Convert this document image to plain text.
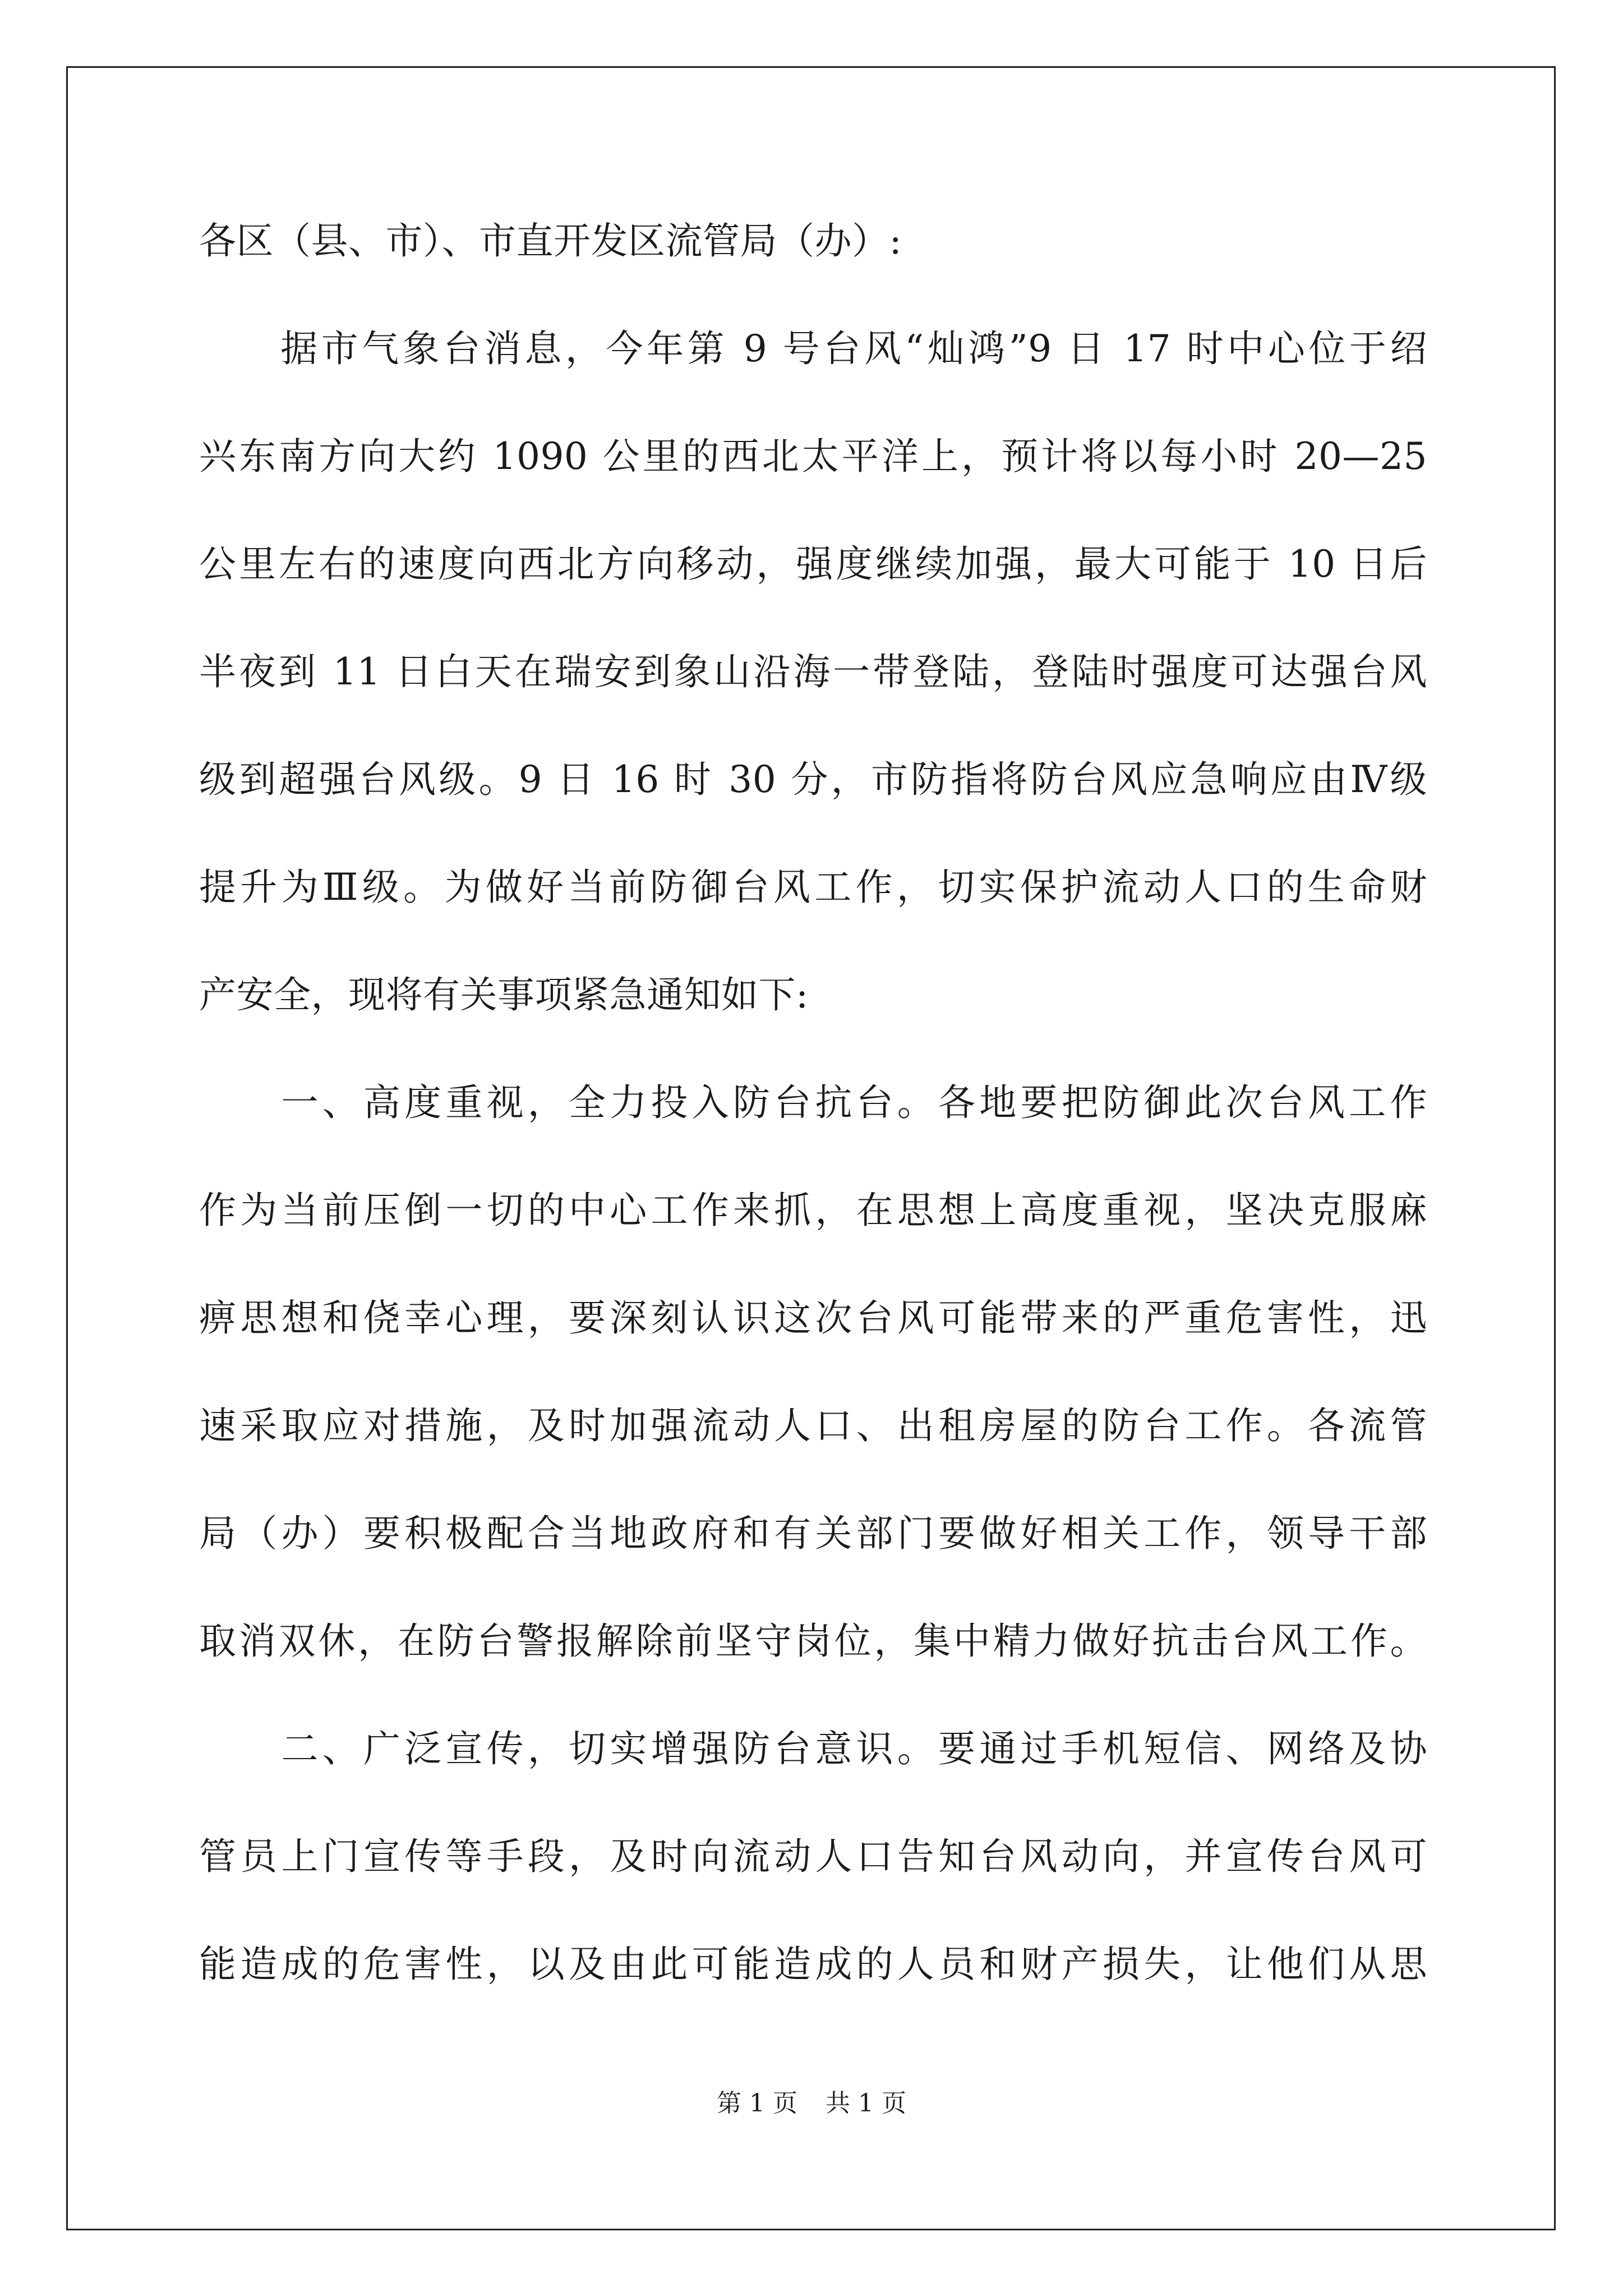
各区（县、市）、市直开发区流管局（办）:
　　据市气象台消息，今年第 9 号台风“灿鸿”9 日 17 时中心位于绍
兴东南方向大约 1090 公里的西北太平洋上，预计将以每小时 20—25
公里左右的速度向西北方向移动，强度继续加强，最大可能于 10 日后
半夜到 11 日白天在瑞安到象山沿海一带登陆，登陆时强度可达强台风
级到超强台风级。9 日 16 时 30 分，市防指将防台风应急响应由Ⅳ级
提升为Ⅲ级。为做好当前防御台风工作，切实保护流动人口的生命财
产安全，现将有关事项紧急通知如下:
　　一、高度重视，全力投入防台抗台。各地要把防御此次台风工作
作为当前压倒一切的中心工作来抓，在思想上高度重视，坚决克服麻
痹思想和侥幸心理，要深刻认识这次台风可能带来的严重危害性，迅
速采取应对措施，及时加强流动人口、出租房屋的防台工作。各流管
局（办）要积极配合当地政府和有关部门要做好相关工作，领导干部
取消双休，在防台警报解除前坚守岗位，集中精力做好抗击台风工作。
　　二、广泛宣传，切实增强防台意识。要通过手机短信、网络及协
管员上门宣传等手段，及时向流动人口告知台风动向，并宣传台风可
能造成的危害性，以及由此可能造成的人员和财产损失，让他们从思
第 1 页 共 1 页
